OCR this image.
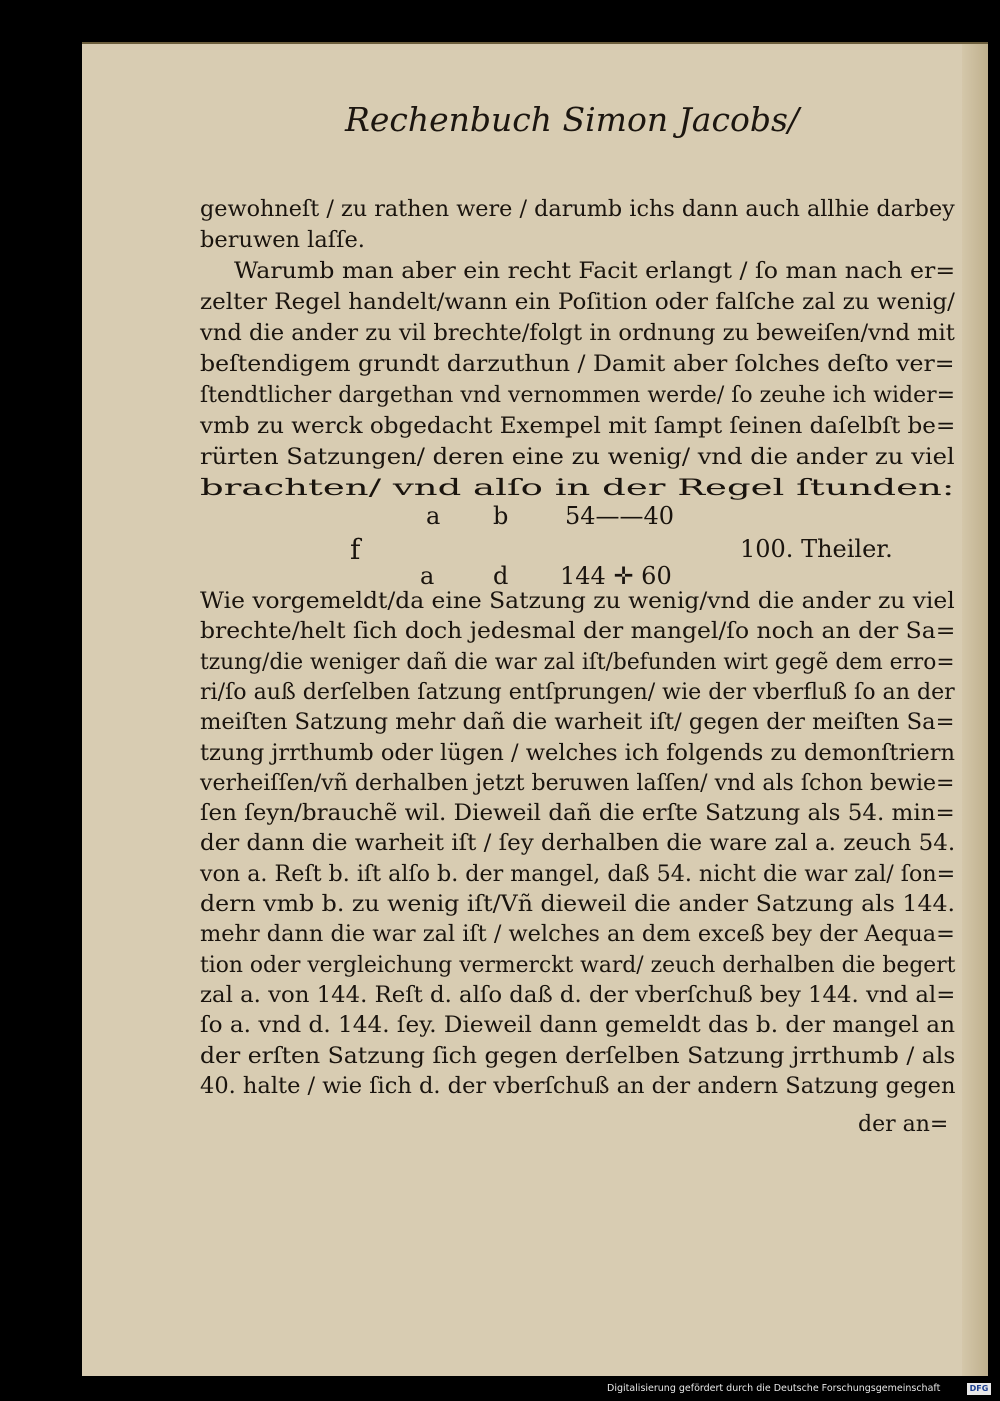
Rechenbuch Simon Jacobs/
gewohneſt / zu rathen were / darumb ichs dann auch allhie darbey
beruwen laſſe.
Warumb man aber ein recht Facit erlangt / ſo man nach er=
zelter Regel handelt/wann ein Poſition oder falſche zal zu wenig/
vnd die ander zu vil brechte/folgt in ordnung zu beweiſen/vnd mit
beſtendigem grundt darzuthun / Damit aber ſolches deſto ver=
ſtendtlicher dargethan vnd vernommen werde/ ſo zeuhe ich wider=
vmb zu werck obgedacht Exempel mit ſampt ſeinen daſelbſt be=
rürten Satzungen/ deren eine zu wenig/ vnd die ander zu viel
brachten/ vnd alſo in der Regel ſtunden:
a b 54——40
f	100. Theiler.
a d 144 ✛ 60
Wie vorgemeldt/da eine Satzung zu wenig/vnd die ander zu viel
brechte/helt ſich doch jedesmal der mangel/ſo noch an der Sa=
tzung/die weniger dañ die war zal iſt/befunden wirt gegẽ dem erro=
ri/ſo auß derſelben ſatzung entſprungen/ wie der vberfluß ſo an der
meiſten Satzung mehr dañ die warheit iſt/ gegen der meiſten Sa=
tzung jrrthumb oder lügen / welches ich folgends zu demonſtriern
verheiſſen/vñ derhalben jetzt beruwen laſſen/ vnd als ſchon bewie=
ſen ſeyn/brauchẽ wil. Dieweil dañ die erſte Satzung als 54. min=
der dann die warheit iſt / ſey derhalben die ware zal a. zeuch 54.
von a. Reſt b. iſt alſo b. der mangel, daß 54. nicht die war zal/ ſon=
dern vmb b. zu wenig iſt/Vñ dieweil die ander Satzung als 144.
mehr dann die war zal iſt / welches an dem exceß bey der Aequa=
tion oder vergleichung vermerckt ward/ zeuch derhalben die begert
zal a. von 144. Reſt d. alſo daß d. der vberſchuß bey 144. vnd al=
ſo a. vnd d. 144. ſey. Dieweil dann gemeldt das b. der mangel an
der erſten Satzung ſich gegen derſelben Satzung jrrthumb / als
40. halte / wie ſich d. der vberſchuß an der andern Satzung gegen
der an=
Digitalisierung gefördert durch die Deutsche Forschungsgemeinschaft	DFG
